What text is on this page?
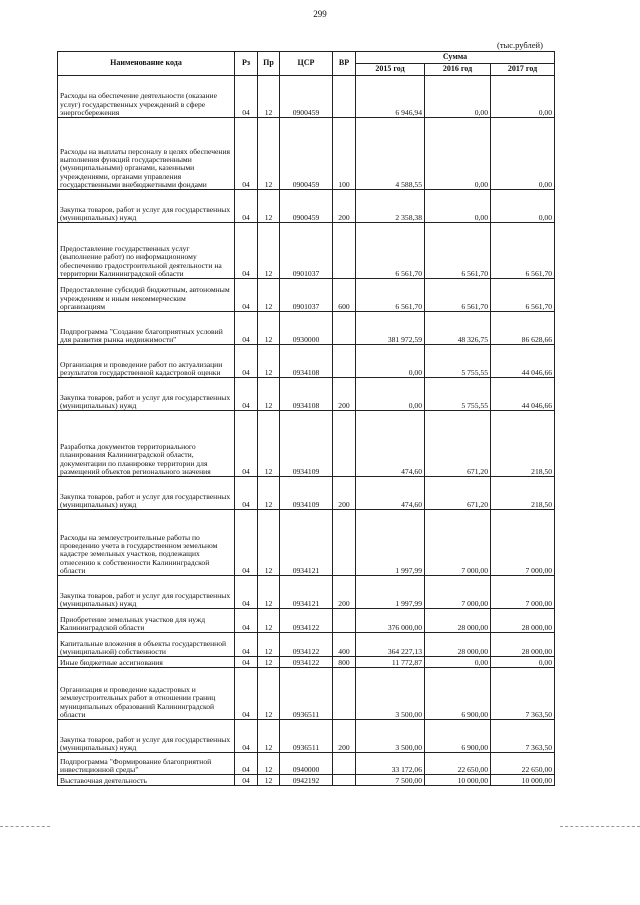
299
(тыс.рублей)
Наименование кода	Рз	Пр	ЦСР	ВР	Сумма		
					2015 год	2016 год	2017 год

Расходы на обеспечение деятельности (оказание услуг) государственных учреждений в сфере энергосбережения	04	12	0900459		6 946,94	0,00	0,00

Расходы на выплаты персоналу в целях обеспечения выполнения функций государственными (муниципальными) органами, казенными учреждениями, органами управления государственными внебюджетными фондами	04	12	0900459	100	4 588,55	0,00	0,00

Закупка товаров, работ и услуг для государственных (муниципальных) нужд	04	12	0900459	200	2 358,38	0,00	0,00

Предоставление государственных услуг (выполнение работ) по информационному обеспечению градостроительной деятельности на территории Калининградской области	04	12	0901037		6 561,70	6 561,70	6 561,70

Предоставление субсидий бюджетным, автономным учреждениям и иным некоммерческим организациям	04	12	0901037	600	6 561,70	6 561,70	6 561,70

Подпрограмма "Создание благоприятных условий для развития рынка недвижимости"	04	12	0930000		381 972,59	48 326,75	86 628,66

Организация и проведение работ по актуализации результатов государственной кадастровой оценки	04	12	0934108		0,00	5 755,55	44 046,66

Закупка товаров, работ и услуг для государственных (муниципальных) нужд	04	12	0934108	200	0,00	5 755,55	44 046,66

Разработка документов территориального планирования Калининградской области, документации по планировке территории для размещений объектов регионального значения	04	12	0934109		474,60	671,20	218,50

Закупка товаров, работ и услуг для государственных (муниципальных) нужд	04	12	0934109	200	474,60	671,20	218,50

Расходы на землеустроительные работы по проведению учета в государственном земельном кадастре земельных участков, подлежащих отнесению к собственности Калининградской области	04	12	0934121		1 997,99	7 000,00	7 000,00

Закупка товаров, работ и услуг для государственных (муниципальных) нужд	04	12	0934121	200	1 997,99	7 000,00	7 000,00

Приобретение земельных участков для нужд Калининградской области	04	12	0934122		376 000,00	28 000,00	28 000,00

Капитальные вложения в объекты государственной (муниципальной) собственности	04	12	0934122	400	364 227,13	28 000,00	28 000,00

Иные бюджетные ассигнования	04	12	0934122	800	11 772,87	0,00	0,00

Организация и проведение кадастровых и землеустроительных работ в отношении границ муниципальных образований Калининградской области	04	12	0936511		3 500,00	6 900,00	7 363,50

Закупка товаров, работ и услуг для государственных (муниципальных) нужд	04	12	0936511	200	3 500,00	6 900,00	7 363,50

Подпрограмма "Формирование благоприятной инвестиционной среды"	04	12	0940000		33 172,06	22 650,00	22 650,00

Выставочная деятельность	04	12	0942192		7 500,00	10 000,00	10 000,00
